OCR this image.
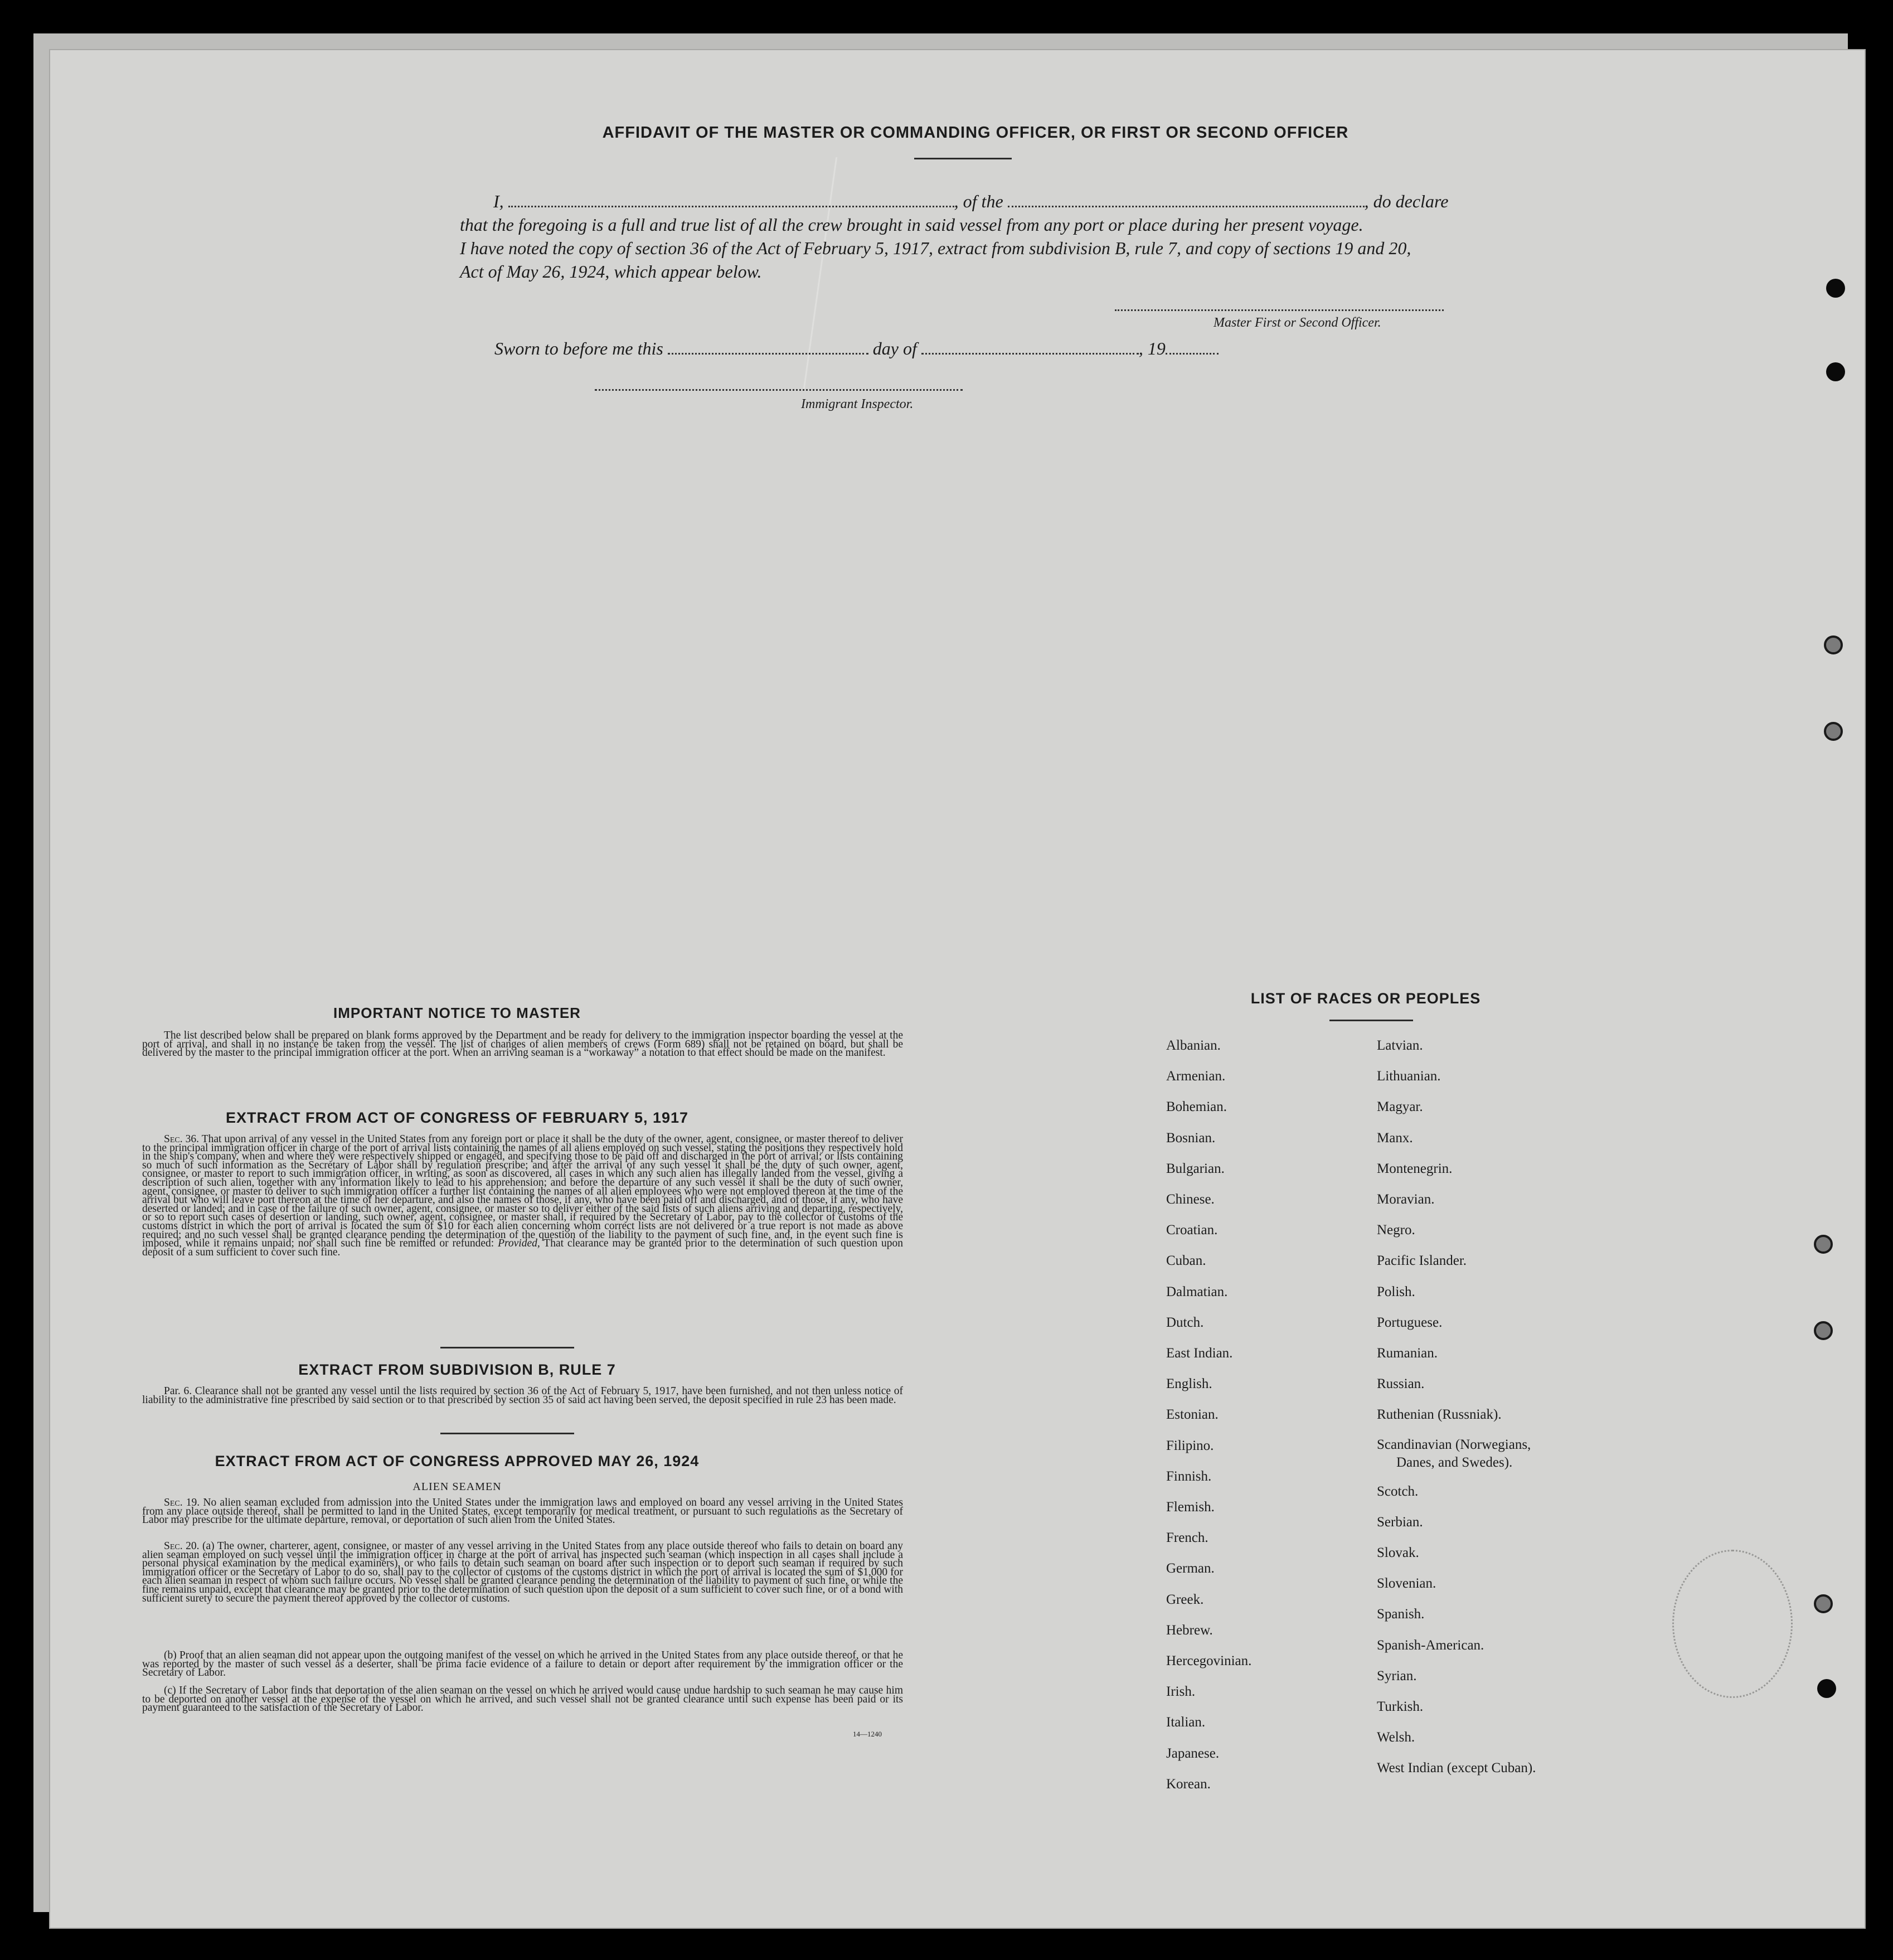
AFFIDAVIT OF THE MASTER OR COMMANDING OFFICER, OR FIRST OR SECOND OFFICER
I,	, of the	, do declare
that the foregoing is a full and true list of all the crew brought in said vessel from any port or place during her present voyage.
I have noted the copy of section 36 of the Act of February 5, 1917, extract from subdivision B, rule 7, and copy of sections 19 and 20,
Act of May 26, 1924, which appear below.
Master First or Second Officer.
Sworn to before me this	day of	, 19
Immigrant Inspector.
IMPORTANT NOTICE TO MASTER
The list described below shall be prepared on blank forms approved by the Department and be ready for delivery to the immigration inspector boarding the vessel at the port of arrival, and shall in no instance be taken from the vessel. The list of changes of alien members of crews (Form 689) shall not be retained on board, but shall be delivered by the master to the principal immigration officer at the port. When an arriving seaman is a “workaway” a notation to that effect should be made on the manifest.
EXTRACT FROM ACT OF CONGRESS OF FEBRUARY 5, 1917
Sec. 36. That upon arrival of any vessel in the United States from any foreign port or place it shall be the duty of the owner, agent, consignee, or master thereof to deliver to the principal immigration officer in charge of the port of arrival lists containing the names of all aliens employed on such vessel, stating the positions they respectively hold in the ship's company, when and where they were respectively shipped or engaged, and specifying those to be paid off and discharged in the port of arrival; or lists containing so much of such information as the Secretary of Labor shall by regulation prescribe; and after the arrival of any such vessel it shall be the duty of such owner, agent, consignee, or master to report to such immigration officer, in writing, as soon as discovered, all cases in which any such alien has illegally landed from the vessel, giving a description of such alien, together with any information likely to lead to his apprehension; and before the departure of any such vessel it shall be the duty of such owner, agent, consignee, or master to deliver to such immigration officer a further list containing the names of all alien employees who were not employed thereon at the time of the arrival but who will leave port thereon at the time of her departure, and also the names of those, if any, who have been paid off and discharged, and of those, if any, who have deserted or landed; and in case of the failure of such owner, agent, consignee, or master so to deliver either of the said lists of such aliens arriving and departing, respectively, or so to report such cases of desertion or landing, such owner, agent, consignee, or master shall, if required by the Secretary of Labor, pay to the collector of customs of the customs district in which the port of arrival is located the sum of $10 for each alien concerning whom correct lists are not delivered or a true report is not made as above required; and no such vessel shall be granted clearance pending the determination of the question of the liability to the payment of such fine, and, in the event such fine is imposed, while it remains unpaid; nor shall such fine be remitted or refunded: Provided, That clearance may be granted prior to the determination of such question upon deposit of a sum sufficient to cover such fine.
EXTRACT FROM SUBDIVISION B, RULE 7
Par. 6. Clearance shall not be granted any vessel until the lists required by section 36 of the Act of February 5, 1917, have been furnished, and not then unless notice of liability to the administrative fine prescribed by said section or to that prescribed by section 35 of said act having been served, the deposit specified in rule 23 has been made.
EXTRACT FROM ACT OF CONGRESS APPROVED MAY 26, 1924
ALIEN SEAMEN
Sec. 19. No alien seaman excluded from admission into the United States under the immigration laws and employed on board any vessel arriving in the United States from any place outside thereof, shall be permitted to land in the United States, except temporarily for medical treatment, or pursuant to such regulations as the Secretary of Labor may prescribe for the ultimate departure, removal, or deportation of such alien from the United States.
Sec. 20. (a) The owner, charterer, agent, consignee, or master of any vessel arriving in the United States from any place outside thereof who fails to detain on board any alien seaman employed on such vessel until the immigration officer in charge at the port of arrival has inspected such seaman (which inspection in all cases shall include a personal physical examination by the medical examiners), or who fails to detain such seaman on board after such inspection or to deport such seaman if required by such immigration officer or the Secretary of Labor to do so, shall pay to the collector of customs of the customs district in which the port of arrival is located the sum of $1,000 for each alien seaman in respect of whom such failure occurs. No vessel shall be granted clearance pending the determination of the liability to payment of such fine, or while the fine remains unpaid, except that clearance may be granted prior to the determination of such question upon the deposit of a sum sufficient to cover such fine, or of a bond with sufficient surety to secure the payment thereof approved by the collector of customs.
(b) Proof that an alien seaman did not appear upon the outgoing manifest of the vessel on which he arrived in the United States from any place outside thereof, or that he was reported by the master of such vessel as a deserter, shall be prima facie evidence of a failure to detain or deport after requirement by the immigration officer or the Secretary of Labor.
(c) If the Secretary of Labor finds that deportation of the alien seaman on the vessel on which he arrived would cause undue hardship to such seaman he may cause him to be deported on another vessel at the expense of the vessel on which he arrived, and such vessel shall not be granted clearance until such expense has been paid or its payment guaranteed to the satisfaction of the Secretary of Labor.
14—1240
LIST OF RACES OR PEOPLES
Albanian.
Armenian.
Bohemian.
Bosnian.
Bulgarian.
Chinese.
Croatian.
Cuban.
Dalmatian.
Dutch.
East Indian.
English.
Estonian.
Filipino.
Finnish.
Flemish.
French.
German.
Greek.
Hebrew.
Hercegovinian.
Irish.
Italian.
Japanese.
Korean.
Latvian.
Lithuanian.
Magyar.
Manx.
Montenegrin.
Moravian.
Negro.
Pacific Islander.
Polish.
Portuguese.
Rumanian.
Russian.
Ruthenian (Russniak).
Scandinavian (Norwegians,
Danes, and Swedes).
Scotch.
Serbian.
Slovak.
Slovenian.
Spanish.
Spanish-American.
Syrian.
Turkish.
Welsh.
West Indian (except Cuban).
